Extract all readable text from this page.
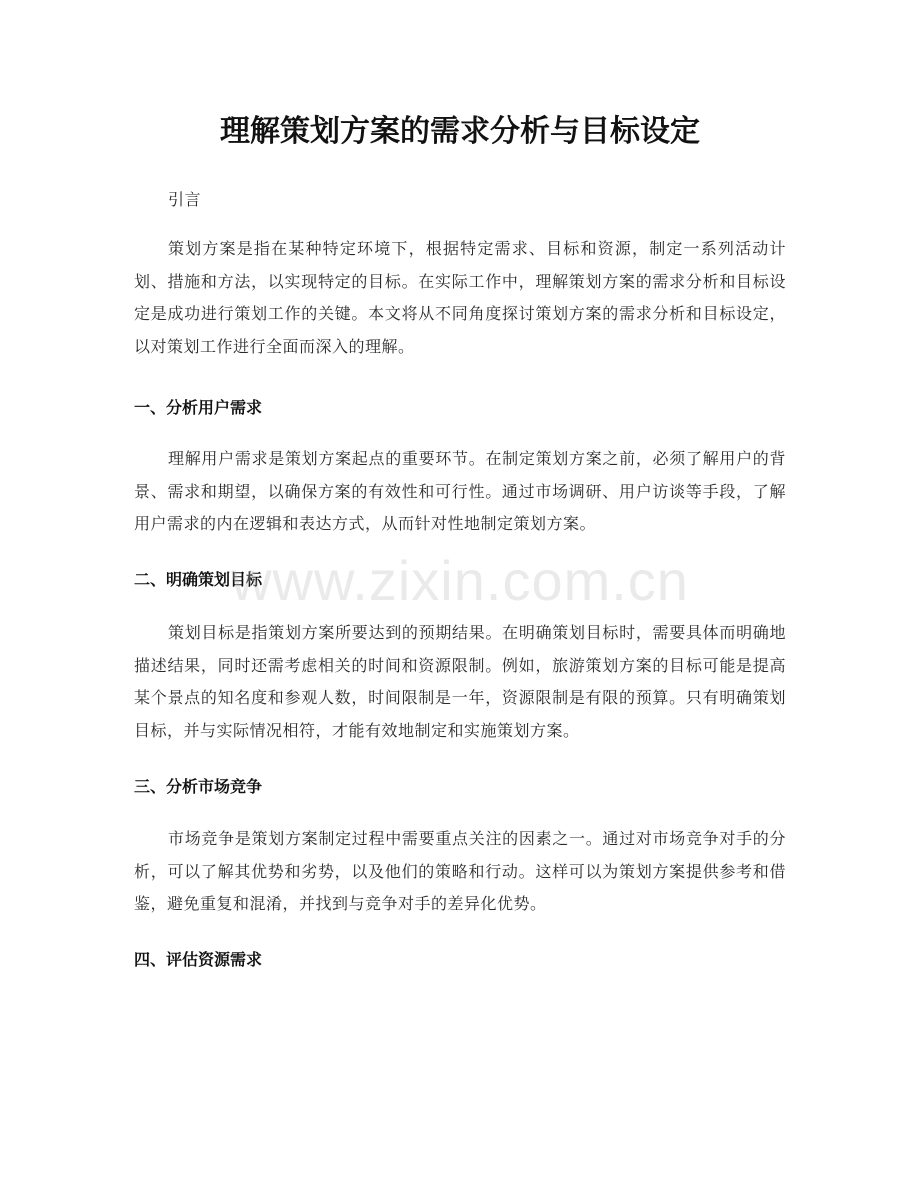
理解策划方案的需求分析与目标设定

引言

策划方案是指在某种特定环境下，根据特定需求、目标和资源，制定一系列活动计划、措施和方法，以实现特定的目标。在实际工作中，理解策划方案的需求分析和目标设定是成功进行策划工作的关键。本文将从不同角度探讨策划方案的需求分析和目标设定，以对策划工作进行全面而深入的理解。

一、分析用户需求

理解用户需求是策划方案起点的重要环节。在制定策划方案之前，必须了解用户的背景、需求和期望，以确保方案的有效性和可行性。通过市场调研、用户访谈等手段，了解用户需求的内在逻辑和表达方式，从而针对性地制定策划方案。

二、明确策划目标

策划目标是指策划方案所要达到的预期结果。在明确策划目标时，需要具体而明确地描述结果，同时还需考虑相关的时间和资源限制。例如，旅游策划方案的目标可能是提高某个景点的知名度和参观人数，时间限制是一年，资源限制是有限的预算。只有明确策划目标，并与实际情况相符，才能有效地制定和实施策划方案。

三、分析市场竞争

市场竞争是策划方案制定过程中需要重点关注的因素之一。通过对市场竞争对手的分析，可以了解其优势和劣势，以及他们的策略和行动。这样可以为策划方案提供参考和借鉴，避免重复和混淆，并找到与竞争对手的差异化优势。

四、评估资源需求
www.zixin.com.cn
